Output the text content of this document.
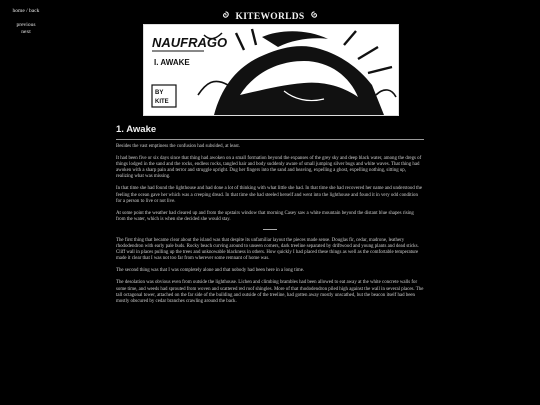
home / back
previous
next
KITEWORLDS
NAUFRAGO
I. AWAKE
BY
KITE
1. Awake

Besides the vast emptiness the confusion had subsided, at least.

It had been five or six days since that thing had awoken on a small formation beyond the expanses of the grey sky and deep black water, among the dregs of things lodged in the sand and the rocks, endless rocks, tangled hair and body suddenly aware of small jumping silver bugs and white waves. That thing had awoken with a sharp pain and terror and struggle upright. Dug her fingers into the sand and heaving, expelling a ghost, expelling nothing, sitting up, realizing what was missing.

In that time she had found the lighthouse and had done a lot of thinking with what little she had. In that time she had recovered her name and understood the feeling the ocean gave her which was a creeping dread. In that time she had steeled herself and went into the lighthouse and found it in very odd condition for a person to live or not live.

At some point the weather had cleared up and from the upstairs window that morning Casey saw a white mountain beyond the distant blue shapes rising from the water, which is when she decided she would stay.

The first thing that became clear about the island was that despite its unfamiliar layout the pieces made sense. Douglas fir, cedar, madrone, leathery rhododendron with early pale buds. Rocky beach curving around to unseen corners, dark treeline separated by driftwood and young plants and dead sticks. Cliff wall in places pulling up the trees and unknowable blackness in others. How quickly I had placed these things as well as the comfortable temperature made it clear that I was not too far from wherever some remnant of home was.

The second thing was that I was completely alone and that nobody had been here in a long time.

The desolation was obvious even from outside the lighthouse. Lichen and climbing brambles had been allowed to eat away at the white concrete walls for some time, and weeds had sprouted from woven and scattered red roof shingles. More of that rhododendron piled high against the wall in several places. The tall octagonal tower, attached on the far side of the building and outside of the treeline, had gotten away mostly unscathed, but the beacon itself had been mostly obscured by cedar branches crawling around the back.
